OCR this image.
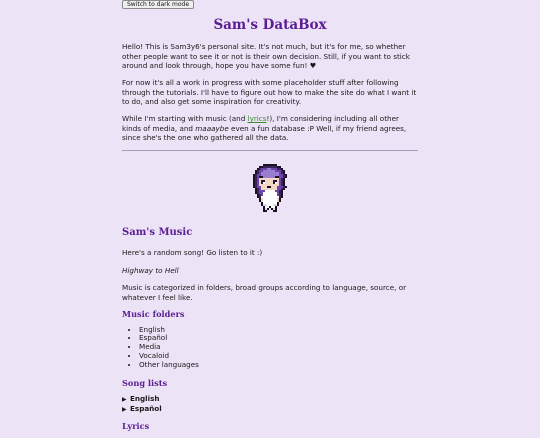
Switch to dark mode
Sam's DataBox

Hello! This is Sam3y6's personal site. It's not much, but it's for me, so whether other people want to see it or not is their own decision. Still, if you want to stick around and look through, hope you have some fun! ♥

For now it's all a work in progress with some placeholder stuff after following through the tutorials. I'll have to figure out how to make the site do what I want it to do, and also get some inspiration for creativity.

While I'm starting with music (and lyrics!), I'm considering including all other kinds of media, and maaaybe even a fun database :P Well, if my friend agrees, since she's the one who gathered all the data.

Sam's Music

Here's a random song! Go listen to it :)

Highway to Hell

Music is categorized in folders, broad groups according to language, source, or whatever I feel like.

Music folders
• English
• Español
• Media
• Vocaloid
• Other languages
Song lists
▶ English
▶ Español
Lyrics
